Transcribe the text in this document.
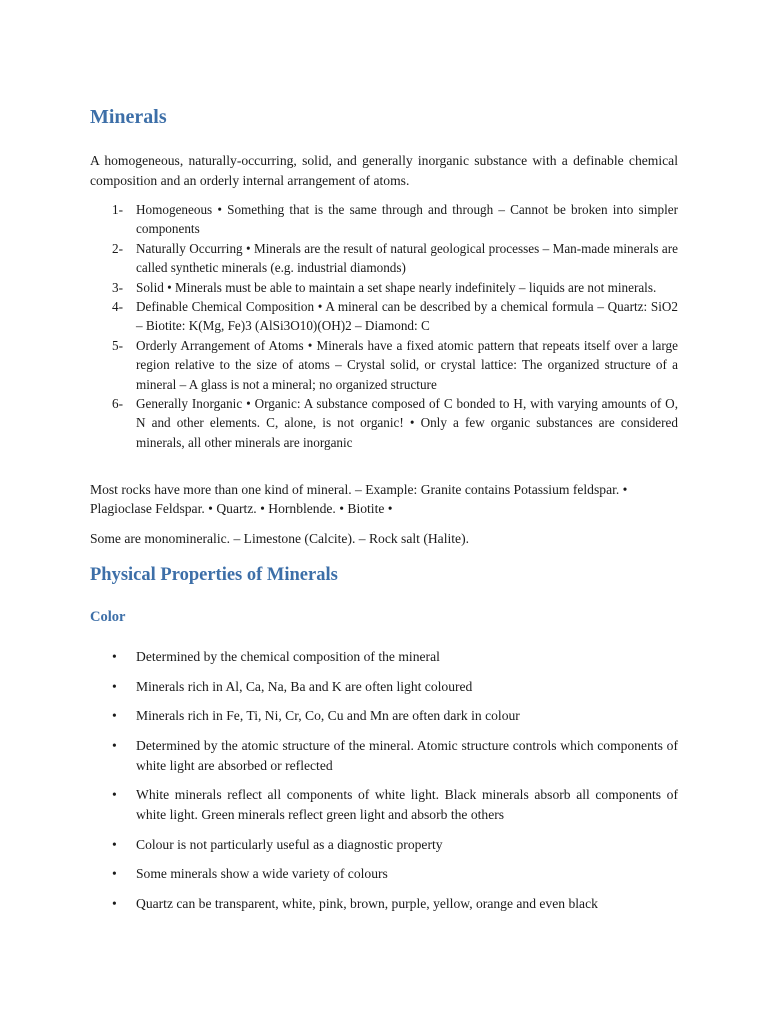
Minerals

A homogeneous, naturally-occurring, solid, and generally inorganic substance with a definable chemical composition and an orderly internal arrangement of atoms.

1- Homogeneous • Something that is the same through and through – Cannot be broken into simpler components
2- Naturally Occurring • Minerals are the result of natural geological processes – Man-made minerals are called synthetic minerals (e.g. industrial diamonds)
3- Solid • Minerals must be able to maintain a set shape nearly indefinitely – liquids are not minerals.
4- Definable Chemical Composition • A mineral can be described by a chemical formula – Quartz: SiO2 – Biotite: K(Mg, Fe)3 (AlSi3O10)(OH)2 – Diamond: C
5- Orderly Arrangement of Atoms • Minerals have a fixed atomic pattern that repeats itself over a large region relative to the size of atoms – Crystal solid, or crystal lattice: The organized structure of a mineral – A glass is not a mineral; no organized structure
6- Generally Inorganic • Organic: A substance composed of C bonded to H, with varying amounts of O, N and other elements. C, alone, is not organic! • Only a few organic substances are considered minerals, all other minerals are inorganic

Most rocks have more than one kind of mineral. – Example: Granite contains Potassium feldspar. • Plagioclase Feldspar. • Quartz. • Hornblende. • Biotite •

Some are monomineralic. – Limestone (Calcite). – Rock salt (Halite).

Physical Properties of Minerals
Color
• Determined by the chemical composition of the mineral
• Minerals rich in Al, Ca, Na, Ba and K are often light coloured
• Minerals rich in Fe, Ti, Ni, Cr, Co, Cu and Mn are often dark in colour
• Determined by the atomic structure of the mineral. Atomic structure controls which components of white light are absorbed or reflected
• White minerals reflect all components of white light. Black minerals absorb all components of white light. Green minerals reflect green light and absorb the others
• Colour is not particularly useful as a diagnostic property
• Some minerals show a wide variety of colours
• Quartz can be transparent, white, pink, brown, purple, yellow, orange and even black
